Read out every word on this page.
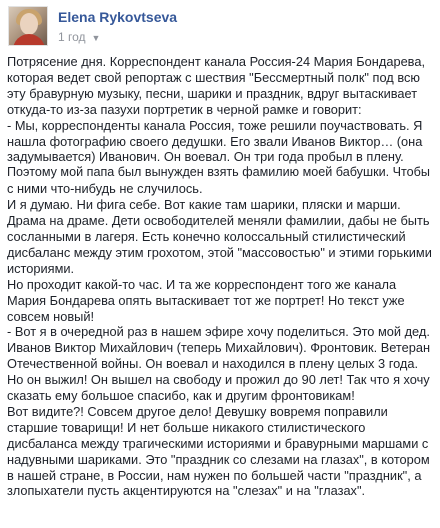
Elena Rykovtseva
1 год ▼

Потрясение дня. Корреспондент канала Россия-24 Мария Бондарева,

которая ведет свой репортаж с шествия "Бессмертный полк" под всю

эту бравурную музыку, песни, шарики и праздник, вдруг вытаскивает

откуда-то из-за пазухи портретик в черной рамке и говорит:

- Мы, корреспонденты канала Россия, тоже решили поучаствовать. Я

нашла фотографию своего дедушки. Его звали Иванов Виктор… (она

задумывается) Иванович. Он воевал. Он три года пробыл в плену.

Поэтому мой папа был вынужден взять фамилию моей бабушки. Чтобы

с ними что-нибудь не случилось.

И я думаю. Ни фига себе. Вот какие там шарики, пляски и марши.

Драма на драме. Дети освободителей меняли фамилии, дабы не быть

сосланными в лагеря. Есть конечно колоссальный стилистический

дисбаланс между этим грохотом, этой "массовостью" и этими горькими

историями.

Но проходит какой-то час. И та же корреспондент того же канала

Мария Бондарева опять вытаскивает тот же портрет! Но текст уже

совсем новый!

- Вот я в очередной раз в нашем эфире хочу поделиться. Это мой дед.

Иванов Виктор Михайлович (теперь Михайлович). Фронтовик. Ветеран

Отечественной войны. Он воевал и находился в плену целых 3 года.

Но он выжил! Он вышел на свободу и прожил до 90 лет! Так что я хочу

сказать ему большое спасибо, как и другим фронтовикам!

Вот видите?! Совсем другое дело! Девушку вовремя поправили

старшие товарищи! И нет больше никакого стилистического

дисбаланса между трагическими историями и бравурными маршами с

надувными шариками. Это "праздник со слезами на глазах", в котором

в нашей стране, в России, нам нужен по большей части "праздник", а

злопыхатели пусть акцентируются на "слезах" и на "глазах".
